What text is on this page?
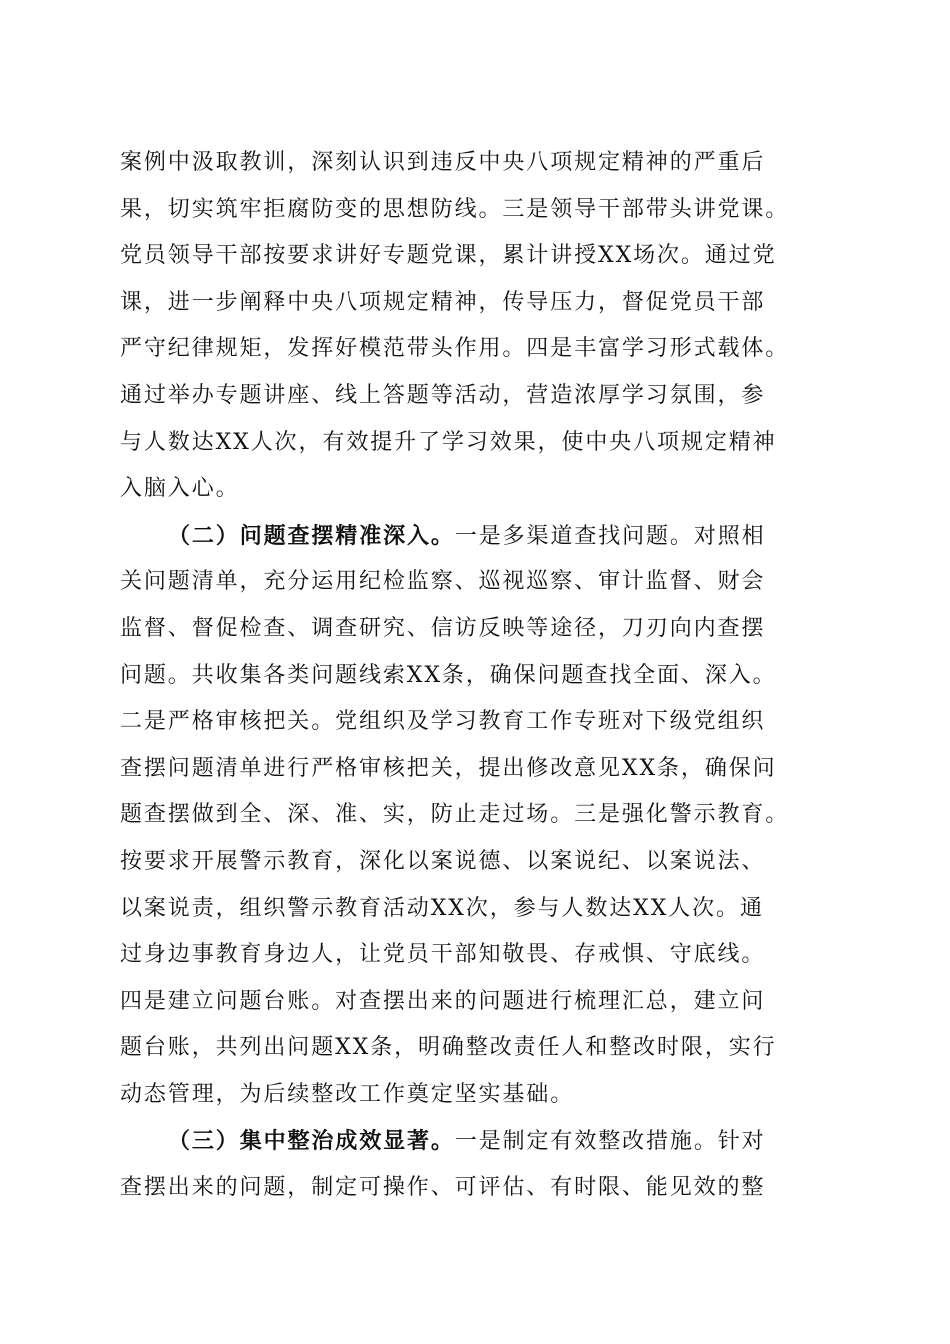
案例中汲取教训，深刻认识到违反中央八项规定精神的严重后
果，切实筑牢拒腐防变的思想防线。三是领导干部带头讲党课。
党员领导干部按要求讲好专题党课，累计讲授XX场次。通过党
课，进一步阐释中央八项规定精神，传导压力，督促党员干部
严守纪律规矩，发挥好模范带头作用。四是丰富学习形式载体。
通过举办专题讲座、线上答题等活动，营造浓厚学习氛围，参
与人数达XX人次，有效提升了学习效果，使中央八项规定精神
入脑入心。
（二）问题查摆精准深入。一是多渠道查找问题。对照相
关问题清单，充分运用纪检监察、巡视巡察、审计监督、财会
监督、督促检查、调查研究、信访反映等途径，刀刃向内查摆
问题。共收集各类问题线索XX条，确保问题查找全面、深入。
二是严格审核把关。党组织及学习教育工作专班对下级党组织
查摆问题清单进行严格审核把关，提出修改意见XX条，确保问
题查摆做到全、深、准、实，防止走过场。三是强化警示教育。
按要求开展警示教育，深化以案说德、以案说纪、以案说法、
以案说责，组织警示教育活动XX次，参与人数达XX人次。通
过身边事教育身边人，让党员干部知敬畏、存戒惧、守底线。
四是建立问题台账。对查摆出来的问题进行梳理汇总，建立问
题台账，共列出问题XX条，明确整改责任人和整改时限，实行
动态管理，为后续整改工作奠定坚实基础。
（三）集中整治成效显著。一是制定有效整改措施。针对
查摆出来的问题，制定可操作、可评估、有时限、能见效的整
